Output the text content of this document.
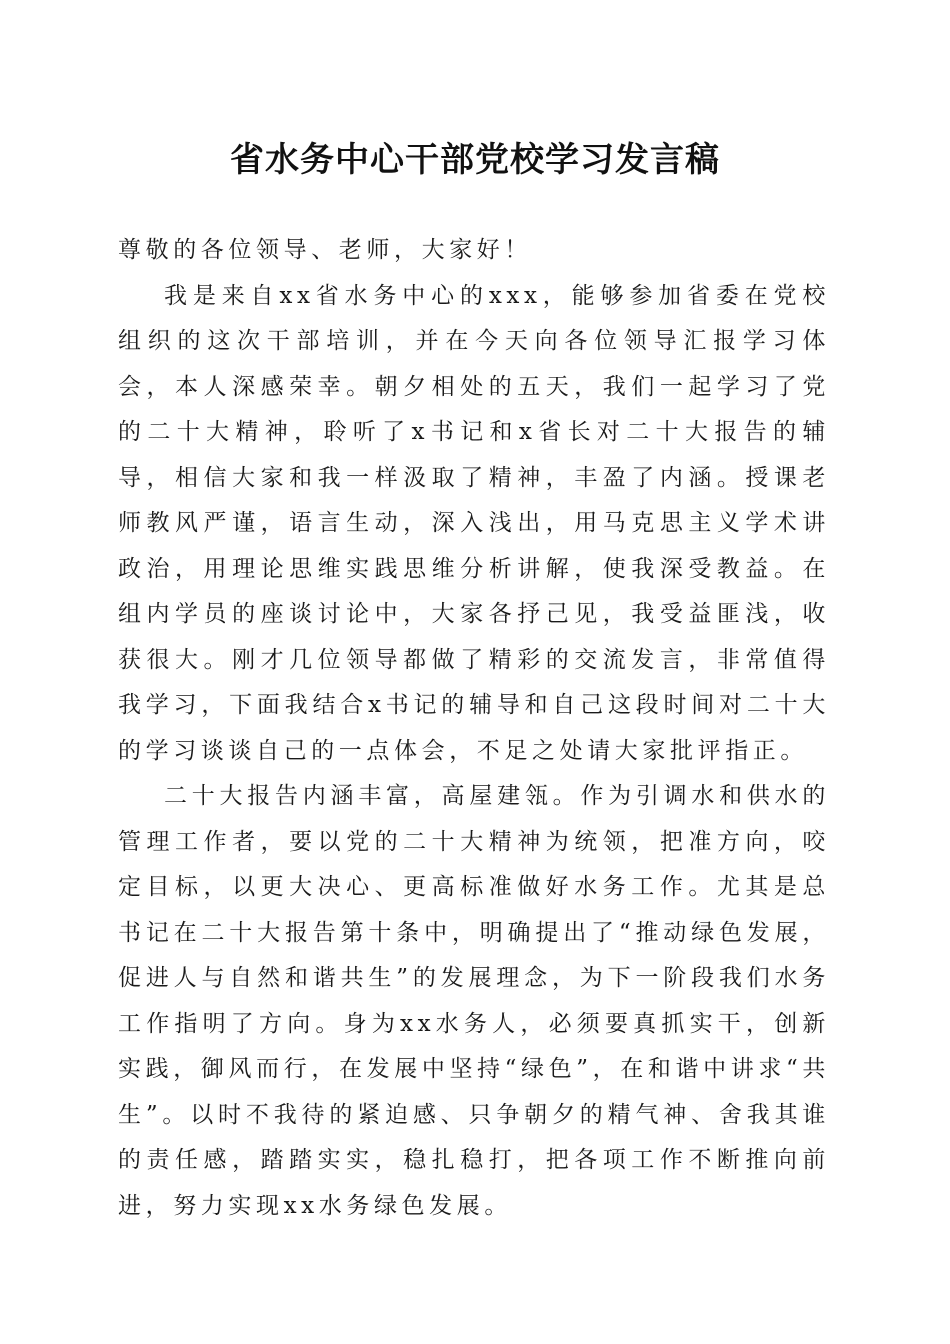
省水务中心干部党校学习发言稿

尊敬的各位领导、老师，大家好！

我是来自xx省水务中心的xxx，能够参加省委在党校组织的这次干部培训，并在今天向各位领导汇报学习体会，本人深感荣幸。朝夕相处的五天，我们一起学习了党的二十大精神，聆听了x书记和x省长对二十大报告的辅导，相信大家和我一样汲取了精神，丰盈了内涵。授课老师教风严谨，语言生动，深入浅出，用马克思主义学术讲政治，用理论思维实践思维分析讲解，使我深受教益。在组内学员的座谈讨论中，大家各抒己见，我受益匪浅，收获很大。刚才几位领导都做了精彩的交流发言，非常值得我学习，下面我结合x书记的辅导和自己这段时间对二十大的学习谈谈自己的一点体会，不足之处请大家批评指正。

二十大报告内涵丰富，高屋建瓴。作为引调水和供水的管理工作者，要以党的二十大精神为统领，把准方向，咬定目标，以更大决心、更高标准做好水务工作。尤其是总书记在二十大报告第十条中，明确提出了“推动绿色发展，促进人与自然和谐共生”的发展理念，为下一阶段我们水务工作指明了方向。身为xx水务人，必须要真抓实干，创新实践，御风而行，在发展中坚持“绿色”，在和谐中讲求“共生”。以时不我待的紧迫感、只争朝夕的精气神、舍我其谁的责任感，踏踏实实，稳扎稳打，把各项工作不断推向前进，努力实现xx水务绿色发展。
